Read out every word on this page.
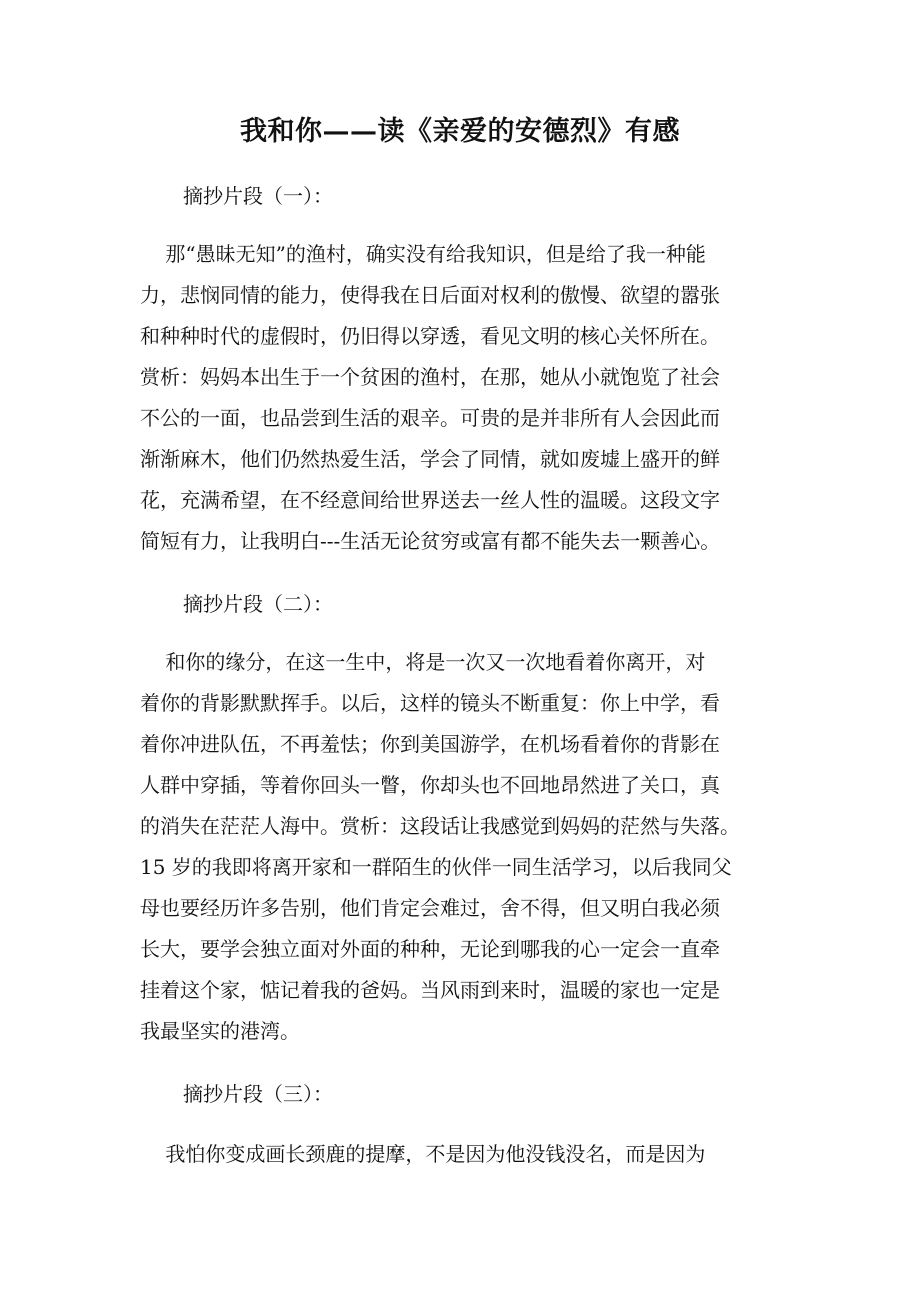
我和你——读《亲爱的安德烈》有感

摘抄片段（一）：

那“愚昧无知”的渔村，确实没有给我知识，但是给了我一种能
力，悲悯同情的能力，使得我在日后面对权利的傲慢、欲望的嚣张
和种种时代的虚假时，仍旧得以穿透，看见文明的核心关怀所在。
赏析：妈妈本出生于一个贫困的渔村，在那，她从小就饱览了社会
不公的一面，也品尝到生活的艰辛。可贵的是并非所有人会因此而
渐渐麻木，他们仍然热爱生活，学会了同情，就如废墟上盛开的鲜
花，充满希望，在不经意间给世界送去一丝人性的温暖。这段文字
简短有力，让我明白---生活无论贫穷或富有都不能失去一颗善心。

摘抄片段（二）：

和你的缘分，在这一生中，将是一次又一次地看着你离开，对
着你的背影默默挥手。以后，这样的镜头不断重复：你上中学，看
着你冲进队伍，不再羞怯；你到美国游学，在机场看着你的背影在
人群中穿插，等着你回头一瞥，你却头也不回地昂然进了关口，真
的消失在茫茫人海中。赏析：这段话让我感觉到妈妈的茫然与失落。
15 岁的我即将离开家和一群陌生的伙伴一同生活学习，以后我同父
母也要经历许多告别，他们肯定会难过，舍不得，但又明白我必须
长大，要学会独立面对外面的种种，无论到哪我的心一定会一直牵
挂着这个家，惦记着我的爸妈。当风雨到来时，温暖的家也一定是
我最坚实的港湾。

摘抄片段（三）：

我怕你变成画长颈鹿的提摩，不是因为他没钱没名，而是因为
